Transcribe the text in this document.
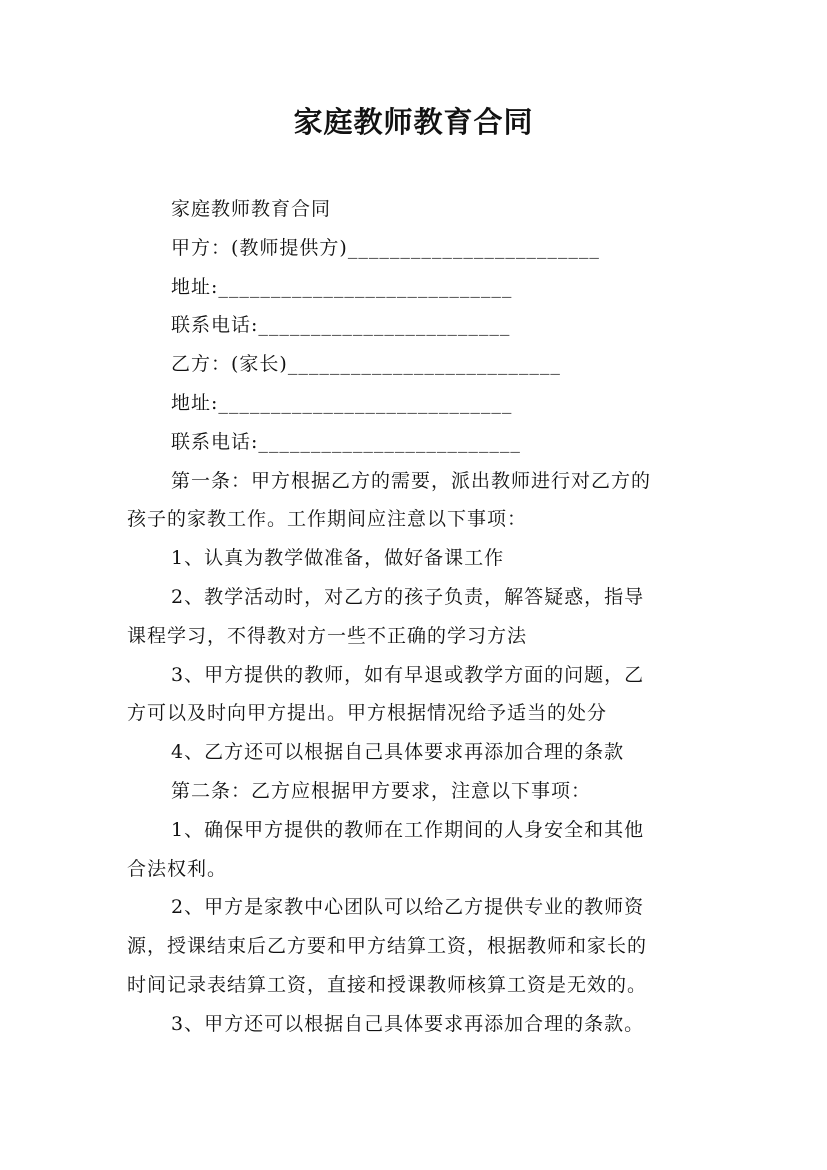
家庭教师教育合同
家庭教师教育合同
甲方：(教师提供方)________________________
地址:____________________________
联系电话:________________________
乙方：(家长)__________________________
地址:____________________________
联系电话:_________________________
第一条：甲方根据乙方的需要，派出教师进行对乙方的
孩子的家教工作。工作期间应注意以下事项：
1、认真为教学做准备，做好备课工作
2、教学活动时，对乙方的孩子负责，解答疑惑，指导
课程学习，不得教对方一些不正确的学习方法
3、甲方提供的教师，如有早退或教学方面的问题，乙
方可以及时向甲方提出。甲方根据情况给予适当的处分
4、乙方还可以根据自己具体要求再添加合理的条款
第二条：乙方应根据甲方要求，注意以下事项：
1、确保甲方提供的教师在工作期间的人身安全和其他
合法权利。
2、甲方是家教中心团队可以给乙方提供专业的教师资
源，授课结束后乙方要和甲方结算工资，根据教师和家长的
时间记录表结算工资，直接和授课教师核算工资是无效的。
3、甲方还可以根据自己具体要求再添加合理的条款。
